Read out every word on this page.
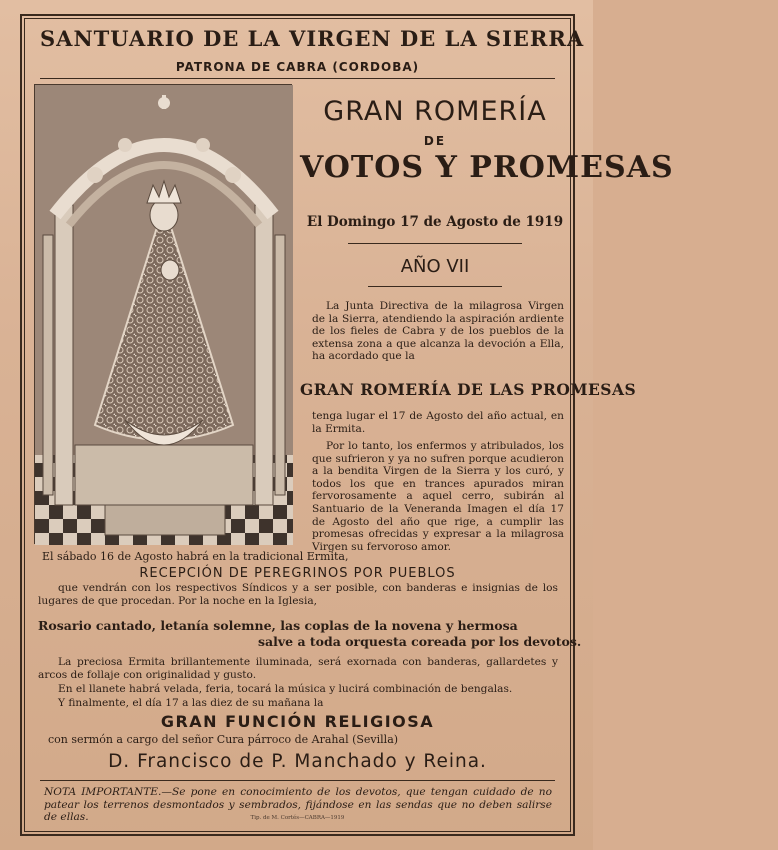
SANTUARIO DE LA VIRGEN DE LA SIERRA
PATRONA DE CABRA (CORDOBA)
GRAN ROMERÍA
DE
VOTOS Y PROMESAS
El Domingo 17 de Agosto de 1919
AÑO VII
La Junta Directiva de la milagrosa Virgen de la Sierra, atendiendo la aspiración ardiente de los fieles de Cabra y de los pueblos de la extensa zona a que alcanza la devoción a Ella, ha acordado que la
GRAN ROMERÍA DE LAS PROMESAS
tenga lugar el 17 de Agosto del año actual, en la Ermita.
Por lo tanto, los enfermos y atribulados, los que sufrieron y ya no sufren porque acudieron a la bendita Virgen de la Sierra y los curó, y todos los que en trances apurados miran fervorosamente a aquel cerro, subirán al Santuario de la Veneranda Imagen el día 17 de Agosto del año que rige, a cumplir las promesas ofrecidas y expresar a la milagrosa Virgen su fervoroso amor.
El sábado 16 de Agosto habrá en la tradicional Ermita,
RECEPCIÓN DE PEREGRINOS POR PUEBLOS
que vendrán con los respectivos Síndicos y a ser posible, con banderas e insignias de los lugares de que procedan. Por la noche en la Iglesia,
Rosario cantado, letanía solemne, las coplas de la novena y hermosa
salve a toda orquesta coreada por los devotos.
La preciosa Ermita brillantemente iluminada, será exornada con banderas, gallardetes y arcos de follaje con originalidad y gusto.
En el llanete habrá velada, feria, tocará la música y lucirá combinación de bengalas.
Y finalmente, el día 17 a las diez de su mañana la
GRAN FUNCIÓN RELIGIOSA
con sermón a cargo del señor Cura párroco de Arahal (Sevilla)
D. Francisco de P. Manchado y Reina.
NOTA IMPORTANTE.—Se pone en conocimiento de los devotos, que tengan cuidado de no patear los terrenos desmontados y sembrados, fijándose en las sendas que no deben salirse de ellas.	Tip. de M. Cortés—CABRA—1919
